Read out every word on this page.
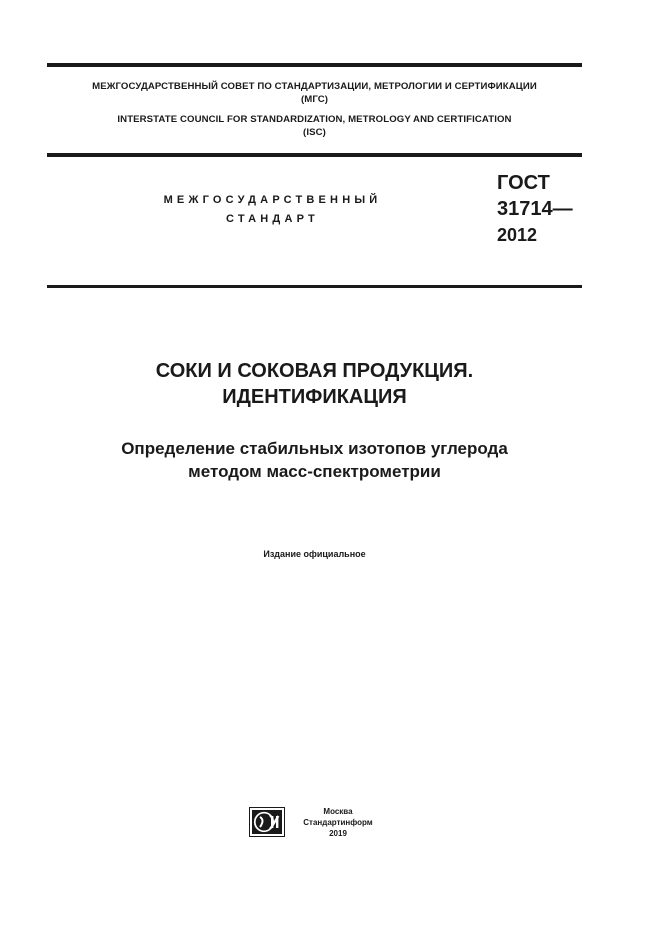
МЕЖГОСУДАРСТВЕННЫЙ СОВЕТ ПО СТАНДАРТИЗАЦИИ, МЕТРОЛОГИИ И СЕРТИФИКАЦИИ
(МГС)
INTERSTATE COUNCIL FOR STANDARDIZATION, METROLOGY AND CERTIFICATION
(ISC)
МЕЖГОСУДАРСТВЕННЫЙ
СТАНДАРТ
ГОСТ
31714—
2012
СОКИ И СОКОВАЯ ПРОДУКЦИЯ.
ИДЕНТИФИКАЦИЯ
Определение стабильных изотопов углерода
методом масс-спектрометрии
Издание официальное
Москва
Стандартинформ
2019
